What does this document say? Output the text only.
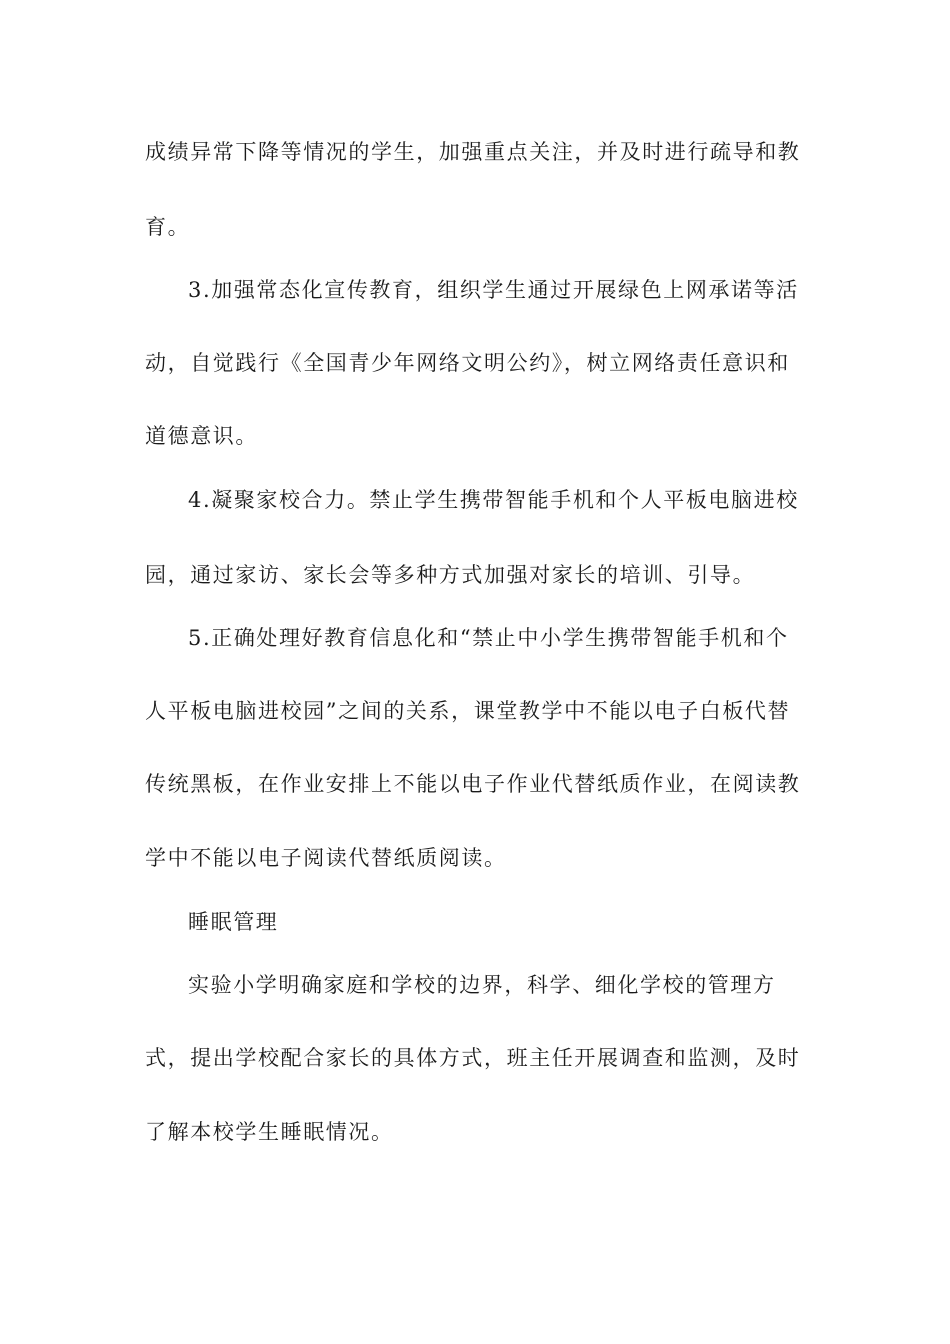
成绩异常下降等情况的学生，加强重点关注，并及时进行疏导和教
育。
3.加强常态化宣传教育，组织学生通过开展绿色上网承诺等活
动，自觉践行《全国青少年网络文明公约》，树立网络责任意识和
道德意识。
4.凝聚家校合力。禁止学生携带智能手机和个人平板电脑进校
园，通过家访、家长会等多种方式加强对家长的培训、引导。
5.正确处理好教育信息化和“禁止中小学生携带智能手机和个
人平板电脑进校园”之间的关系，课堂教学中不能以电子白板代替
传统黑板，在作业安排上不能以电子作业代替纸质作业，在阅读教
学中不能以电子阅读代替纸质阅读。
睡眠管理
实验小学明确家庭和学校的边界，科学、细化学校的管理方
式，提出学校配合家长的具体方式，班主任开展调查和监测，及时
了解本校学生睡眠情况。
